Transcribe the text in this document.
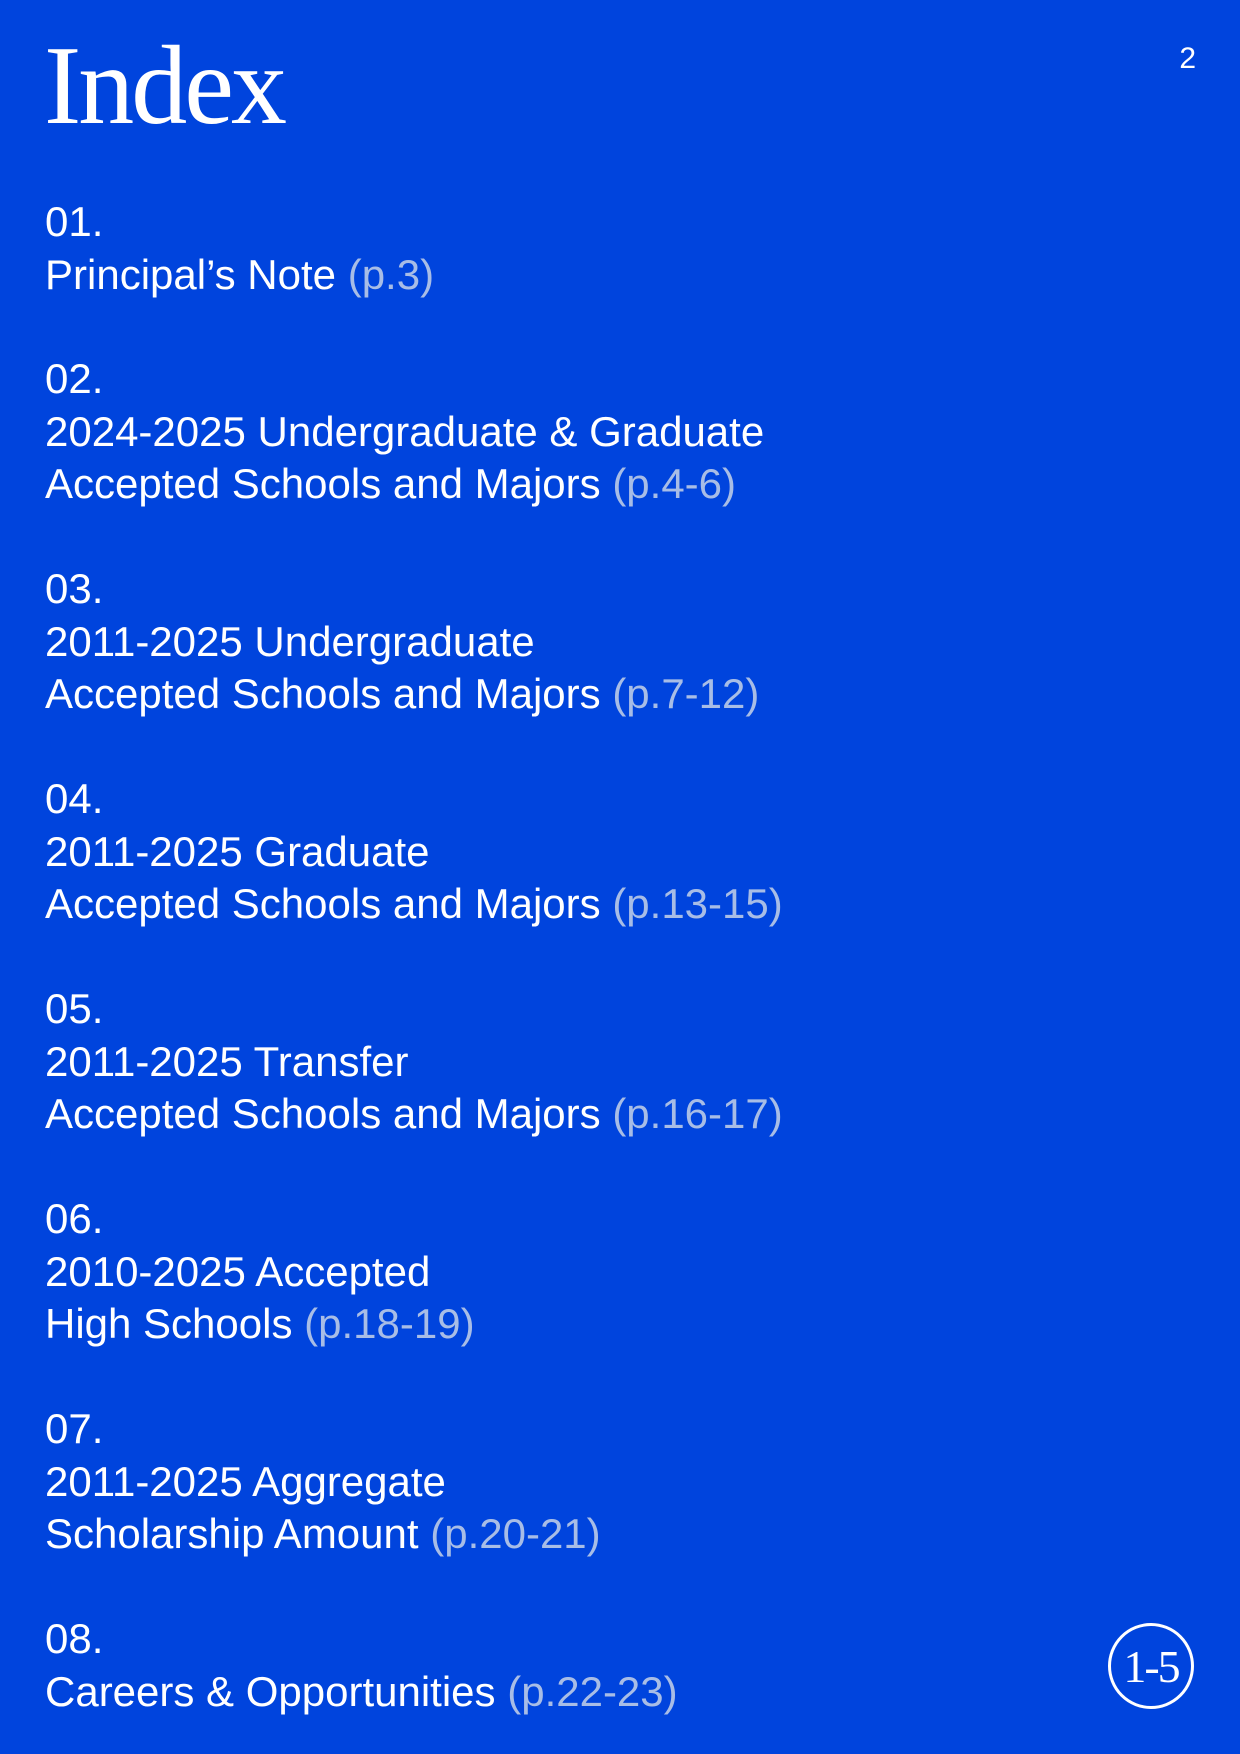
Index	2
01.
Principal’s Note (p.3)
02.
2024-2025 Undergraduate & Graduate
Accepted Schools and Majors (p.4-6)
03.
2011-2025 Undergraduate
Accepted Schools and Majors (p.7-12)
04.
2011-2025 Graduate
Accepted Schools and Majors (p.13-15)
05.
2011-2025 Transfer
Accepted Schools and Majors (p.16-17)
06.
2010-2025 Accepted
High Schools (p.18-19)
07.
2011-2025 Aggregate
Scholarship Amount (p.20-21)
08.
Careers & Opportunities (p.22-23)	1-5
